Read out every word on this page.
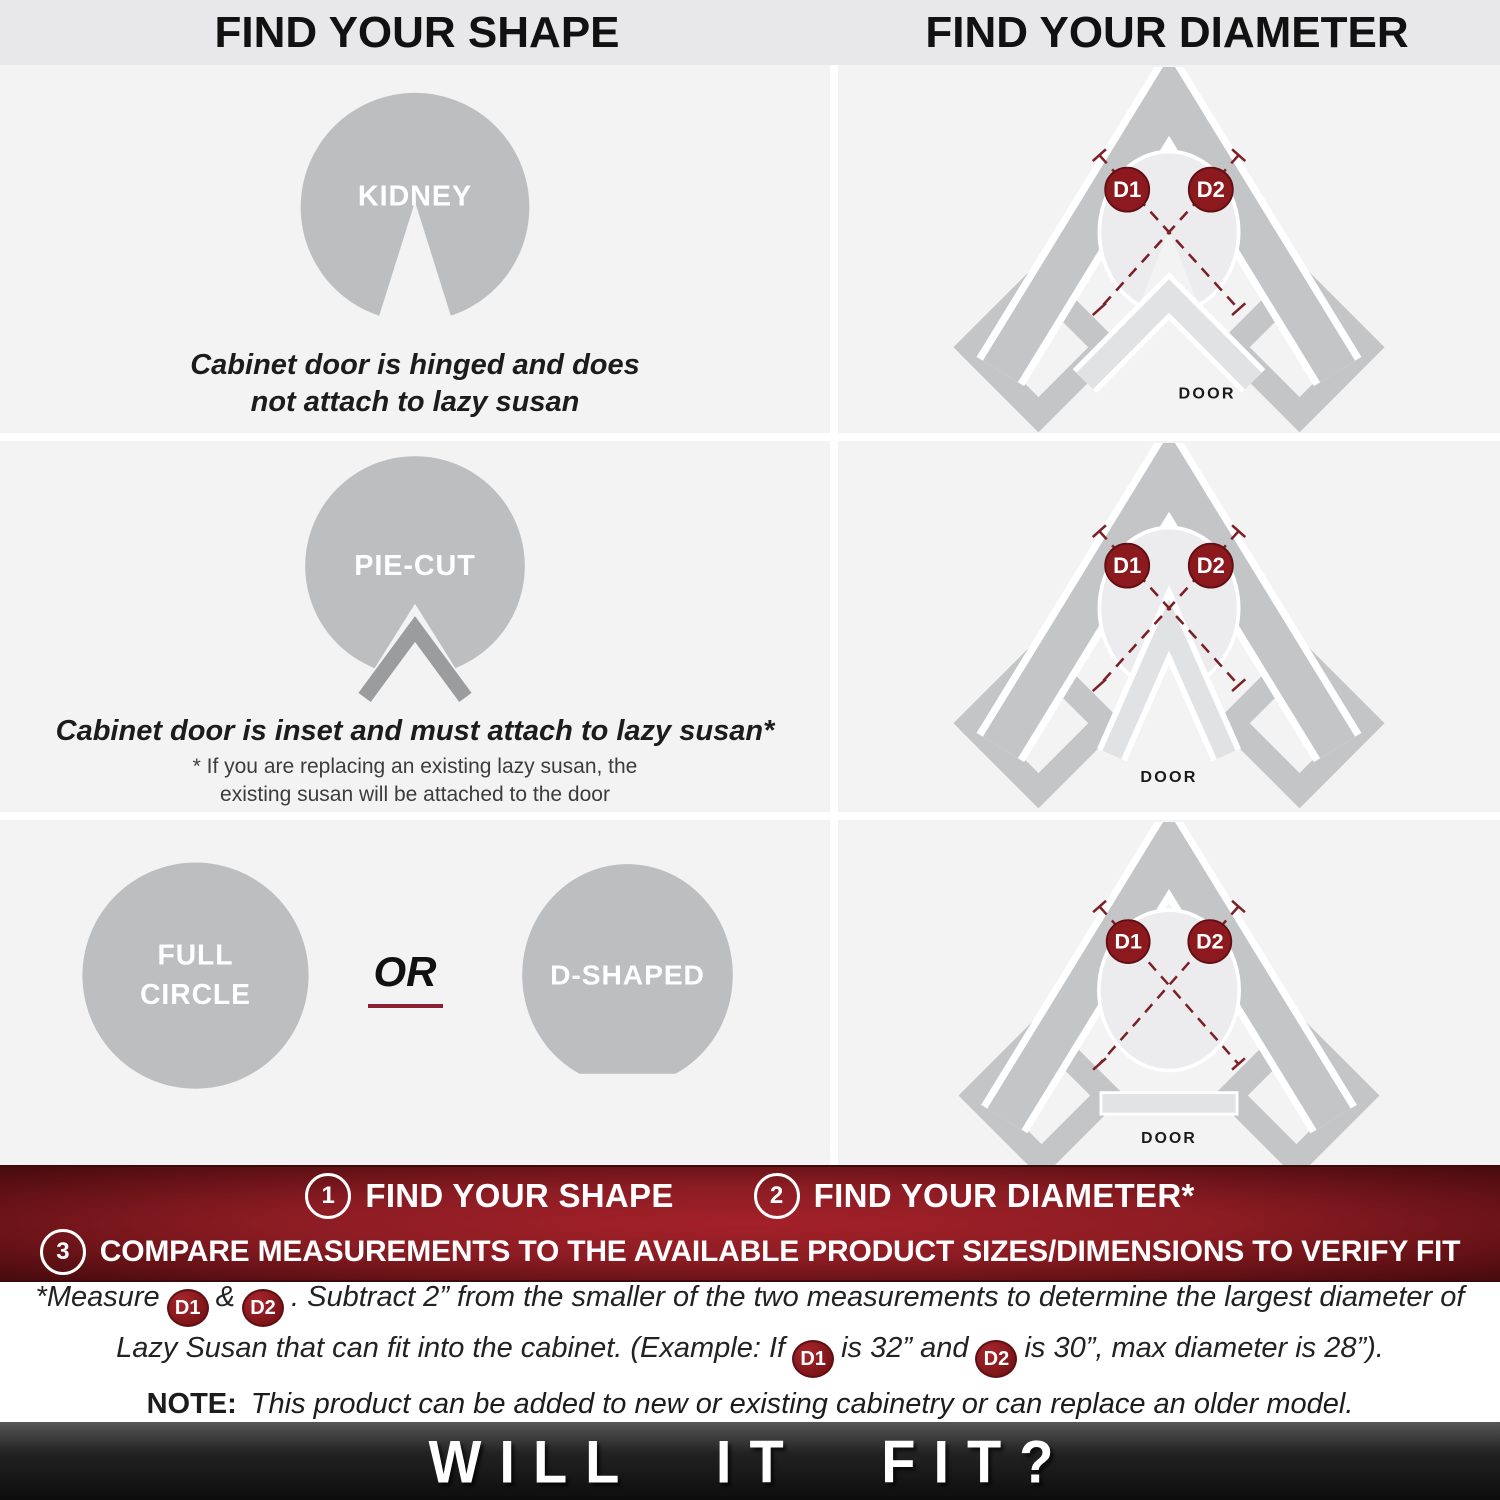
FIND YOUR SHAPE	FIND YOUR DIAMETER
KIDNEY
Cabinet door is hinged and does
not attach to lazy susan
D1 D2
DOOR
PIE-CUT
Cabinet door is inset and must attach to lazy susan*
* If you are replacing an existing lazy susan, the
existing susan will be attached to the door
D1 D2
DOOR
FULL
CIRCLE	OR	D-SHAPED
D1 D2
DOOR
1 FIND YOUR SHAPE	2 FIND YOUR DIAMETER*
3	COMPARE MEASUREMENTS TO THE AVAILABLE PRODUCT SIZES/DIMENSIONS TO VERIFY FIT
*Measure D1 & D2 . Subtract 2” from the smaller of the two measurements to determine the largest diameter of Lazy Susan that can fit into the cabinet. (Example: If D1 is 32” and D2 is 30”, max diameter is 28”).
NOTE: This product can be added to new or existing cabinetry or can replace an older model.
WILL IT FIT?
